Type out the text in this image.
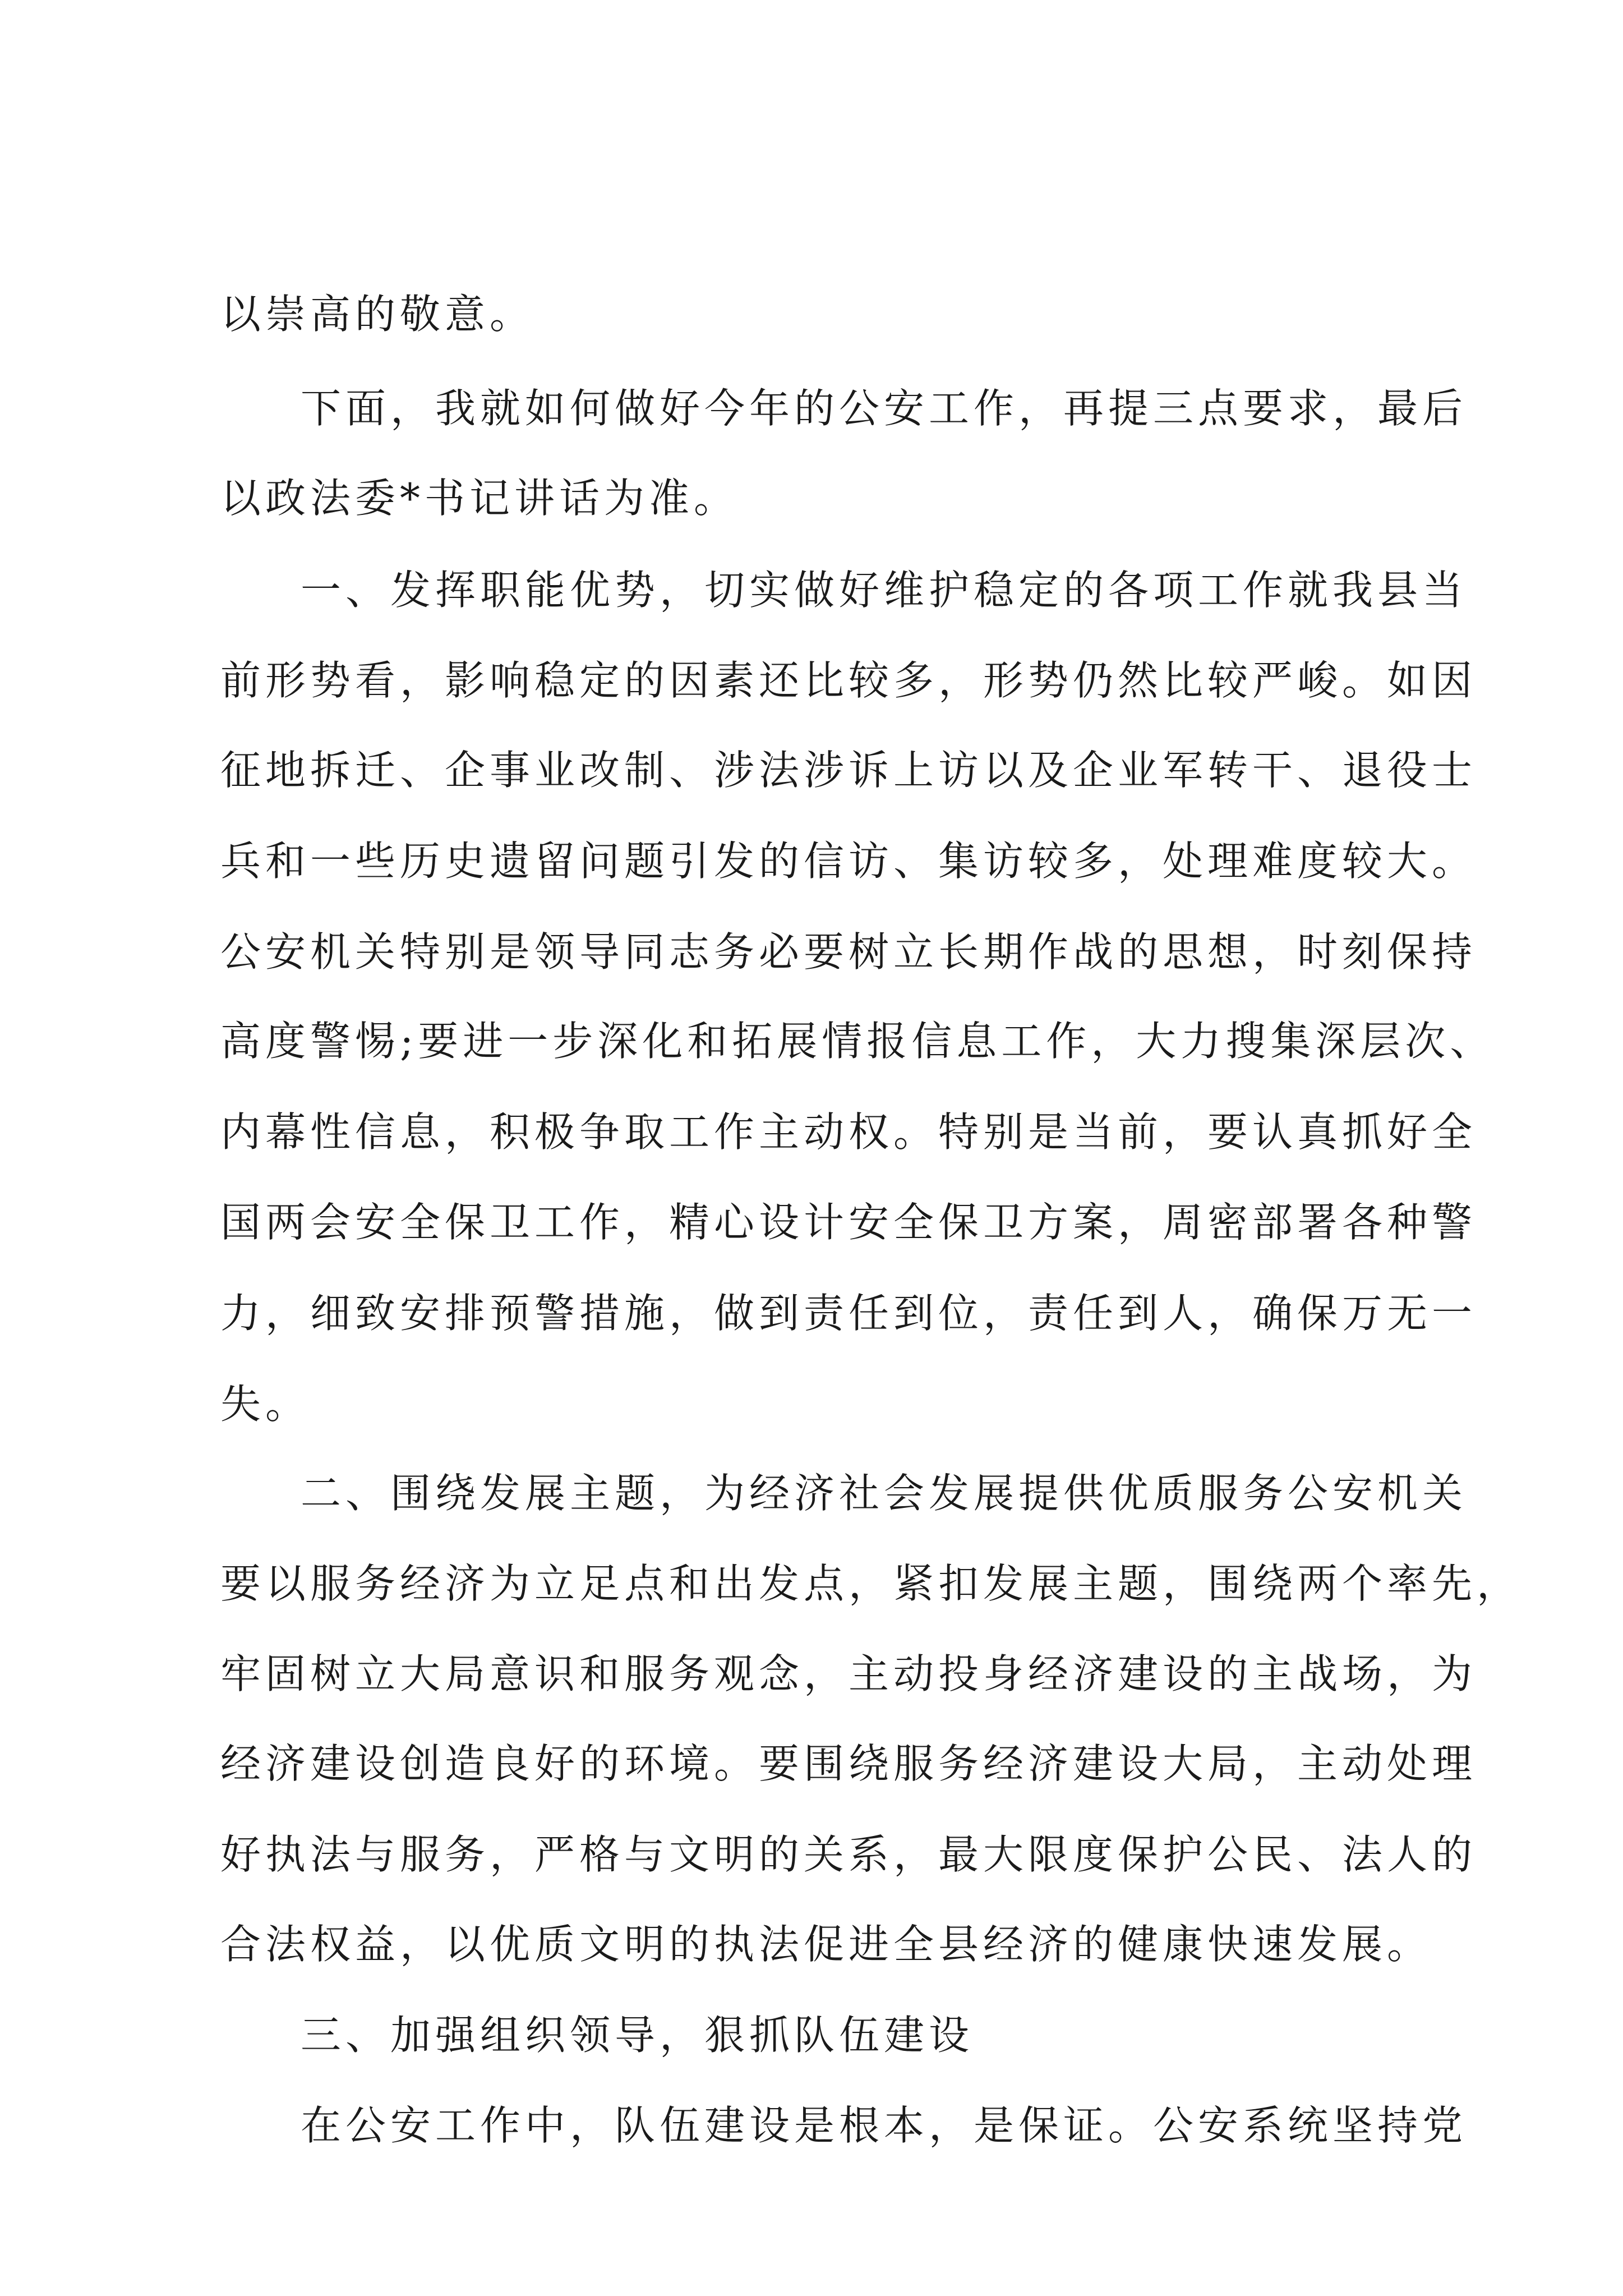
以崇高的敬意。
下面，我就如何做好今年的公安工作，再提三点要求，最后
以政法委*书记讲话为准。
一、发挥职能优势，切实做好维护稳定的各项工作就我县当
前形势看，影响稳定的因素还比较多，形势仍然比较严峻。如因
征地拆迁、企事业改制、涉法涉诉上访以及企业军转干、退役士
兵和一些历史遗留问题引发的信访、集访较多，处理难度较大。
公安机关特别是领导同志务必要树立长期作战的思想，时刻保持
高度警惕;要进一步深化和拓展情报信息工作，大力搜集深层次、
内幕性信息，积极争取工作主动权。特别是当前，要认真抓好全
国两会安全保卫工作，精心设计安全保卫方案，周密部署各种警
力，细致安排预警措施，做到责任到位，责任到人，确保万无一
失。
二、围绕发展主题，为经济社会发展提供优质服务公安机关
要以服务经济为立足点和出发点，紧扣发展主题，围绕两个率先，
牢固树立大局意识和服务观念，主动投身经济建设的主战场，为
经济建设创造良好的环境。要围绕服务经济建设大局，主动处理
好执法与服务，严格与文明的关系，最大限度保护公民、法人的
合法权益，以优质文明的执法促进全县经济的健康快速发展。
三、加强组织领导，狠抓队伍建设
在公安工作中，队伍建设是根本，是保证。公安系统坚持党
